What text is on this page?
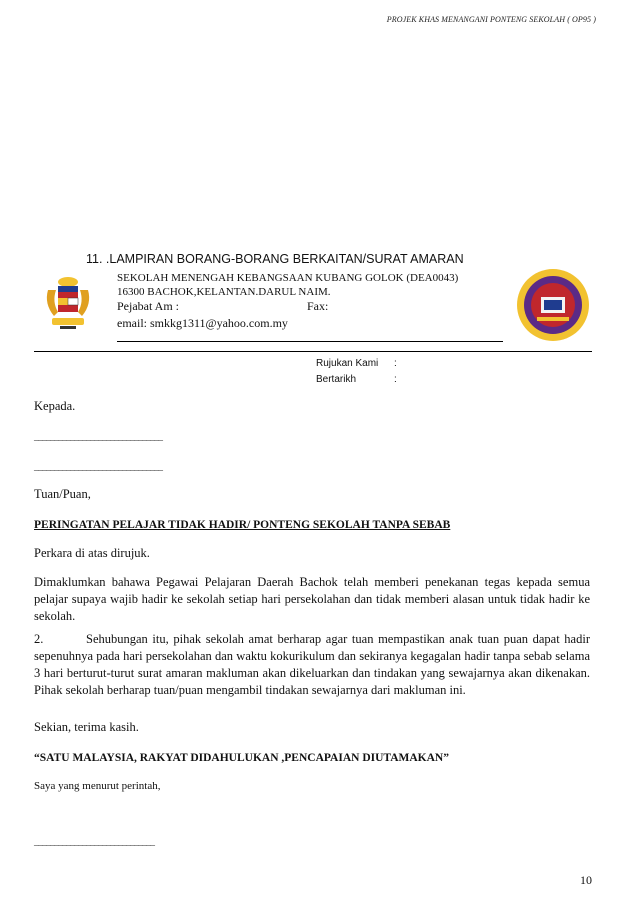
PROJEK KHAS MENANGANI PONTENG SEKOLAH ( OP95 )
11. .LAMPIRAN BORANG-BORANG BERKAITAN/SURAT AMARAN
SEKOLAH MENENGAH KEBANGSAAN KUBANG GOLOK (DEA0043)
16300 BACHOK,KELANTAN.DARUL NAIM.
Pejabat Am :	Fax:
email: smkkg1311@yahoo.com.my
Rujukan Kami :
Bertarikh	:
Kepada.
________________________________
________________________________
Tuan/Puan,
PERINGATAN PELAJAR TIDAK HADIR/ PONTENG SEKOLAH TANPA SEBAB
Perkara di atas dirujuk.
Dimaklumkan bahawa Pegawai Pelajaran Daerah Bachok telah memberi penekanan tegas kepada semua pelajar supaya wajib hadir ke sekolah setiap hari persekolahan dan tidak memberi alasan untuk tidak hadir ke sekolah.
2.	Sehubungan itu, pihak sekolah amat berharap agar tuan mempastikan anak tuan puan dapat hadir sepenuhnya pada hari persekolahan dan waktu kokurikulum dan sekiranya kegagalan hadir tanpa sebab selama 3 hari berturut-turut surat amaran makluman akan dikeluarkan dan tindakan yang sewajarnya akan dikenakan. Pihak sekolah berharap tuan/puan mengambil tindakan sewajarnya dari makluman ini.
Sekian, terima kasih.
“SATU MALAYSIA, RAKYAT DIDAHULUKAN ,PENCAPAIAN DIUTAMAKAN”
Saya yang menurut perintah,
______________________________
10
